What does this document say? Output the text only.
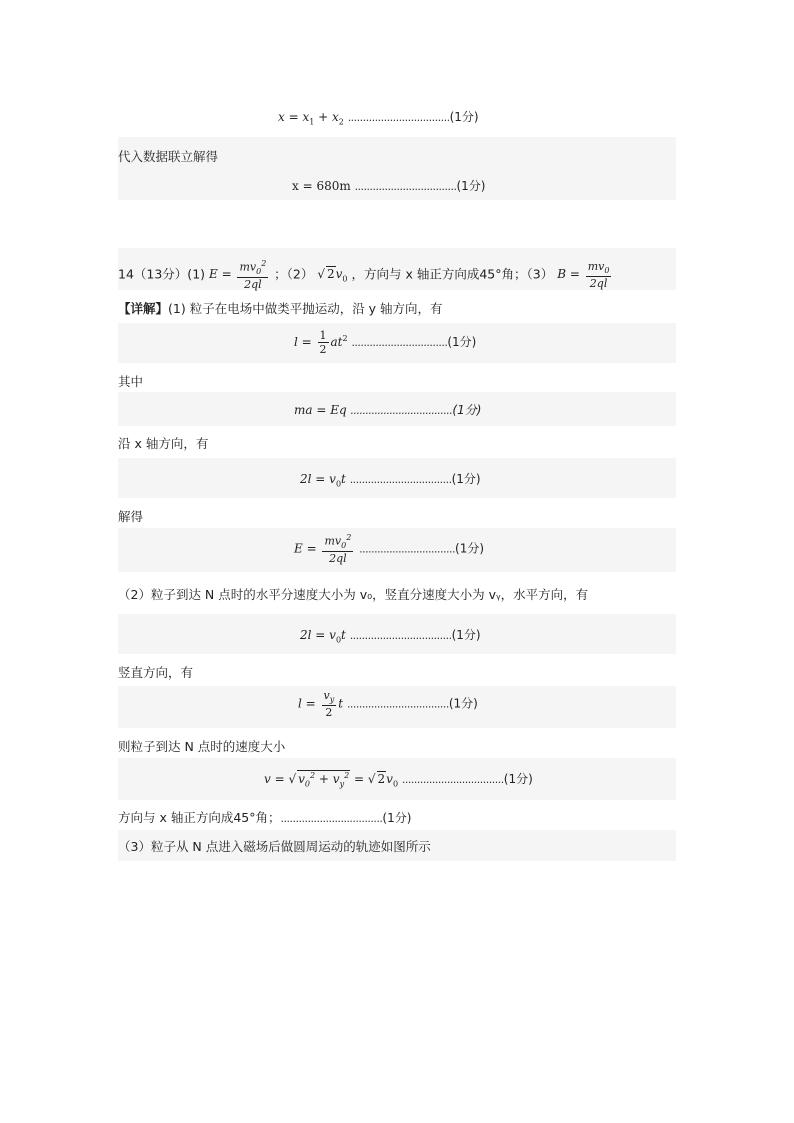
$x = x_1 + x_2$ ..................................(1分)
代入数据联立解得
x = 680m ..................................(1分)
14（13分）(1) $E = \frac{mv_0^2}{2ql}$ ；（2） √ $2v_0$ ，方向与 x 轴正方向成45°角；（3） $B = \frac{mv_0}{2ql}$
【详解】(1) 粒子在电场中做类平抛运动，沿 y 轴方向，有
$l = \frac{1}{2} at^2$ ................................(1分)
其中
ma = Eq ..................................(1分)
沿 x 轴方向，有
$2l = v_0t$ ..................................(1分)
解得
$E = \frac{mv_0^2}{2ql} ................................(1$分)
（2）粒子到达 N 点时的水平分速度大小为 v₀，竖直分速度大小为 vᵧ，水平方向，有
$2l = v_0t$ ..................................(1分)
竖直方向，有
$l = \frac{v_y}{2}$ t ..................................(1分)
则粒子到达 N 点时的速度大小
v = √ $v_0^2 + v_y^2$ = √ $2v_0$ ..................................(1分)
方向与 x 轴正方向成45°角；..................................(1分)
（3）粒子从 N 点进入磁场后做圆周运动的轨迹如图所示
